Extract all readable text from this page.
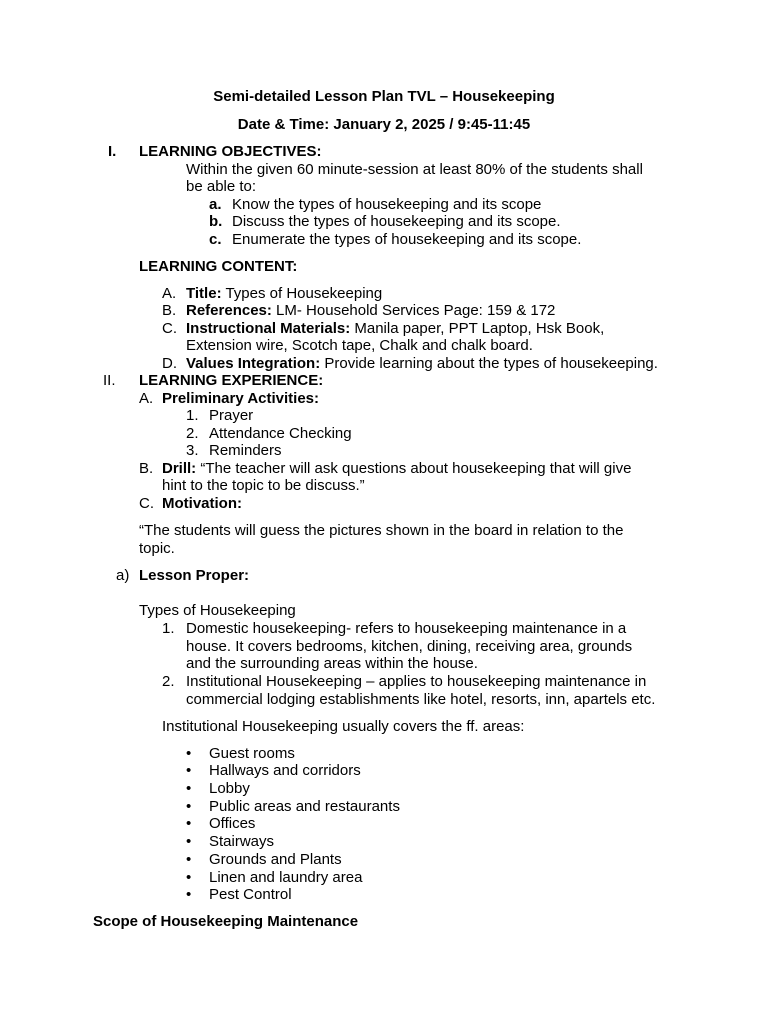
Semi-detailed Lesson Plan TVL – Housekeeping
Date & Time: January 2, 2025 / 9:45-11:45
I. LEARNING OBJECTIVES:
Within the given 60 minute-session at least 80% of the students shall
be able to:
a. Know the types of housekeeping and its scope
b. Discuss the types of housekeeping and its scope.
c. Enumerate the types of housekeeping and its scope.
LEARNING CONTENT:
A. Title: Types of Housekeeping
B. References: LM- Household Services Page: 159 & 172
C. Instructional Materials: Manila paper, PPT Laptop, Hsk Book,
Extension wire, Scotch tape, Chalk and chalk board.
D. Values Integration: Provide learning about the types of housekeeping.
II. LEARNING EXPERIENCE:
A. Preliminary Activities:
1. Prayer
2. Attendance Checking
3. Reminders
B. Drill: “The teacher will ask questions about housekeeping that will give
hint to the topic to be discuss.”
C. Motivation:
“The students will guess the pictures shown in the board in relation to the
topic.
a) Lesson Proper:
Types of Housekeeping
1. Domestic housekeeping- refers to housekeeping maintenance in a
house. It covers bedrooms, kitchen, dining, receiving area, grounds
and the surrounding areas within the house.
2. Institutional Housekeeping – applies to housekeeping maintenance in
commercial lodging establishments like hotel, resorts, inn, apartels etc.
Institutional Housekeeping usually covers the ff. areas:
• Guest rooms
• Hallways and corridors
• Lobby
• Public areas and restaurants
• Offices
• Stairways
• Grounds and Plants
• Linen and laundry area
• Pest Control
Scope of Housekeeping Maintenance
